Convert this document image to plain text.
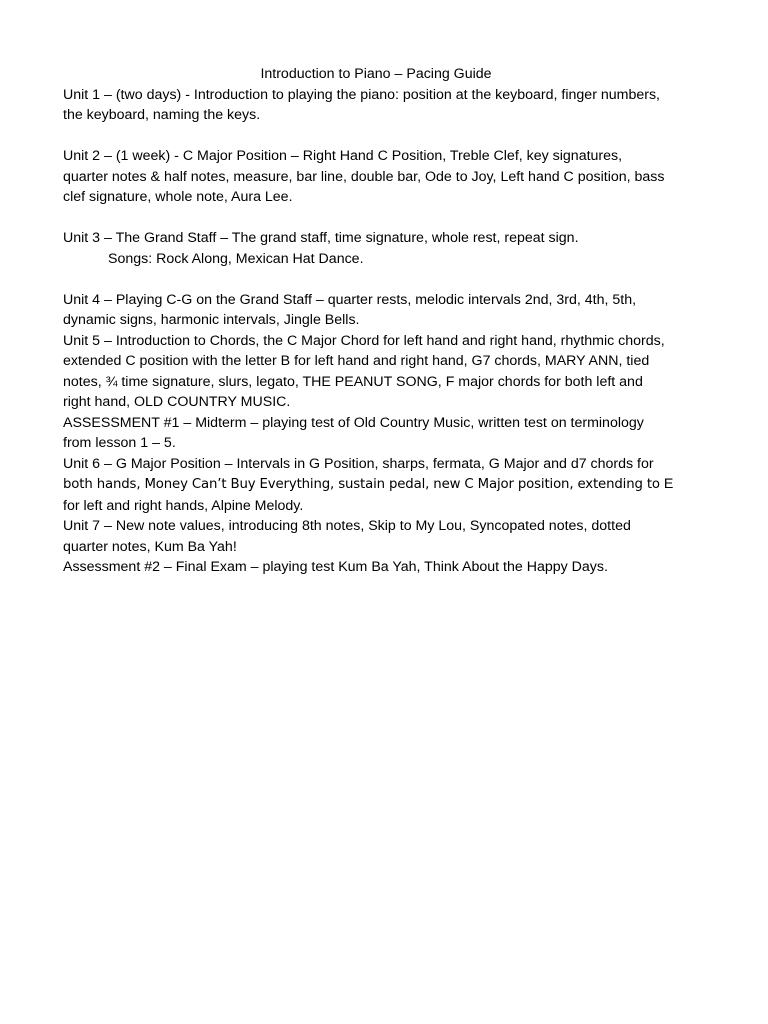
Introduction to Piano – Pacing Guide

Unit 1 – (two days) - Introduction to playing the piano: position at the keyboard, finger numbers,

the keyboard, naming the keys.

Unit 2 – (1 week) - C Major Position – Right Hand C Position, Treble Clef, key signatures,

quarter notes & half notes, measure, bar line, double bar, Ode to Joy, Left hand C position, bass

clef signature, whole note, Aura Lee.

Unit 3 – The Grand Staff – The grand staff, time signature, whole rest, repeat sign.

Songs: Rock Along, Mexican Hat Dance.

Unit 4 – Playing C-G on the Grand Staff – quarter rests, melodic intervals 2nd, 3rd, 4th, 5th,

dynamic signs, harmonic intervals, Jingle Bells.

Unit 5 – Introduction to Chords, the C Major Chord for left hand and right hand, rhythmic chords,

extended C position with the letter B for left hand and right hand, G7 chords, MARY ANN, tied

notes, ¾ time signature, slurs, legato, THE PEANUT SONG, F major chords for both left and

right hand, OLD COUNTRY MUSIC.

ASSESSMENT #1 – Midterm – playing test of Old Country Music, written test on terminology

from lesson 1 – 5.

Unit 6 – G Major Position – Intervals in G Position, sharps, fermata, G Major and d7 chords for

both hands, Money Can’t Buy Everything, sustain pedal, new C Major position, extending to E

for left and right hands, Alpine Melody.

Unit 7 – New note values, introducing 8th notes, Skip to My Lou, Syncopated notes, dotted

quarter notes, Kum Ba Yah!

Assessment #2 – Final Exam – playing test Kum Ba Yah, Think About the Happy Days.
